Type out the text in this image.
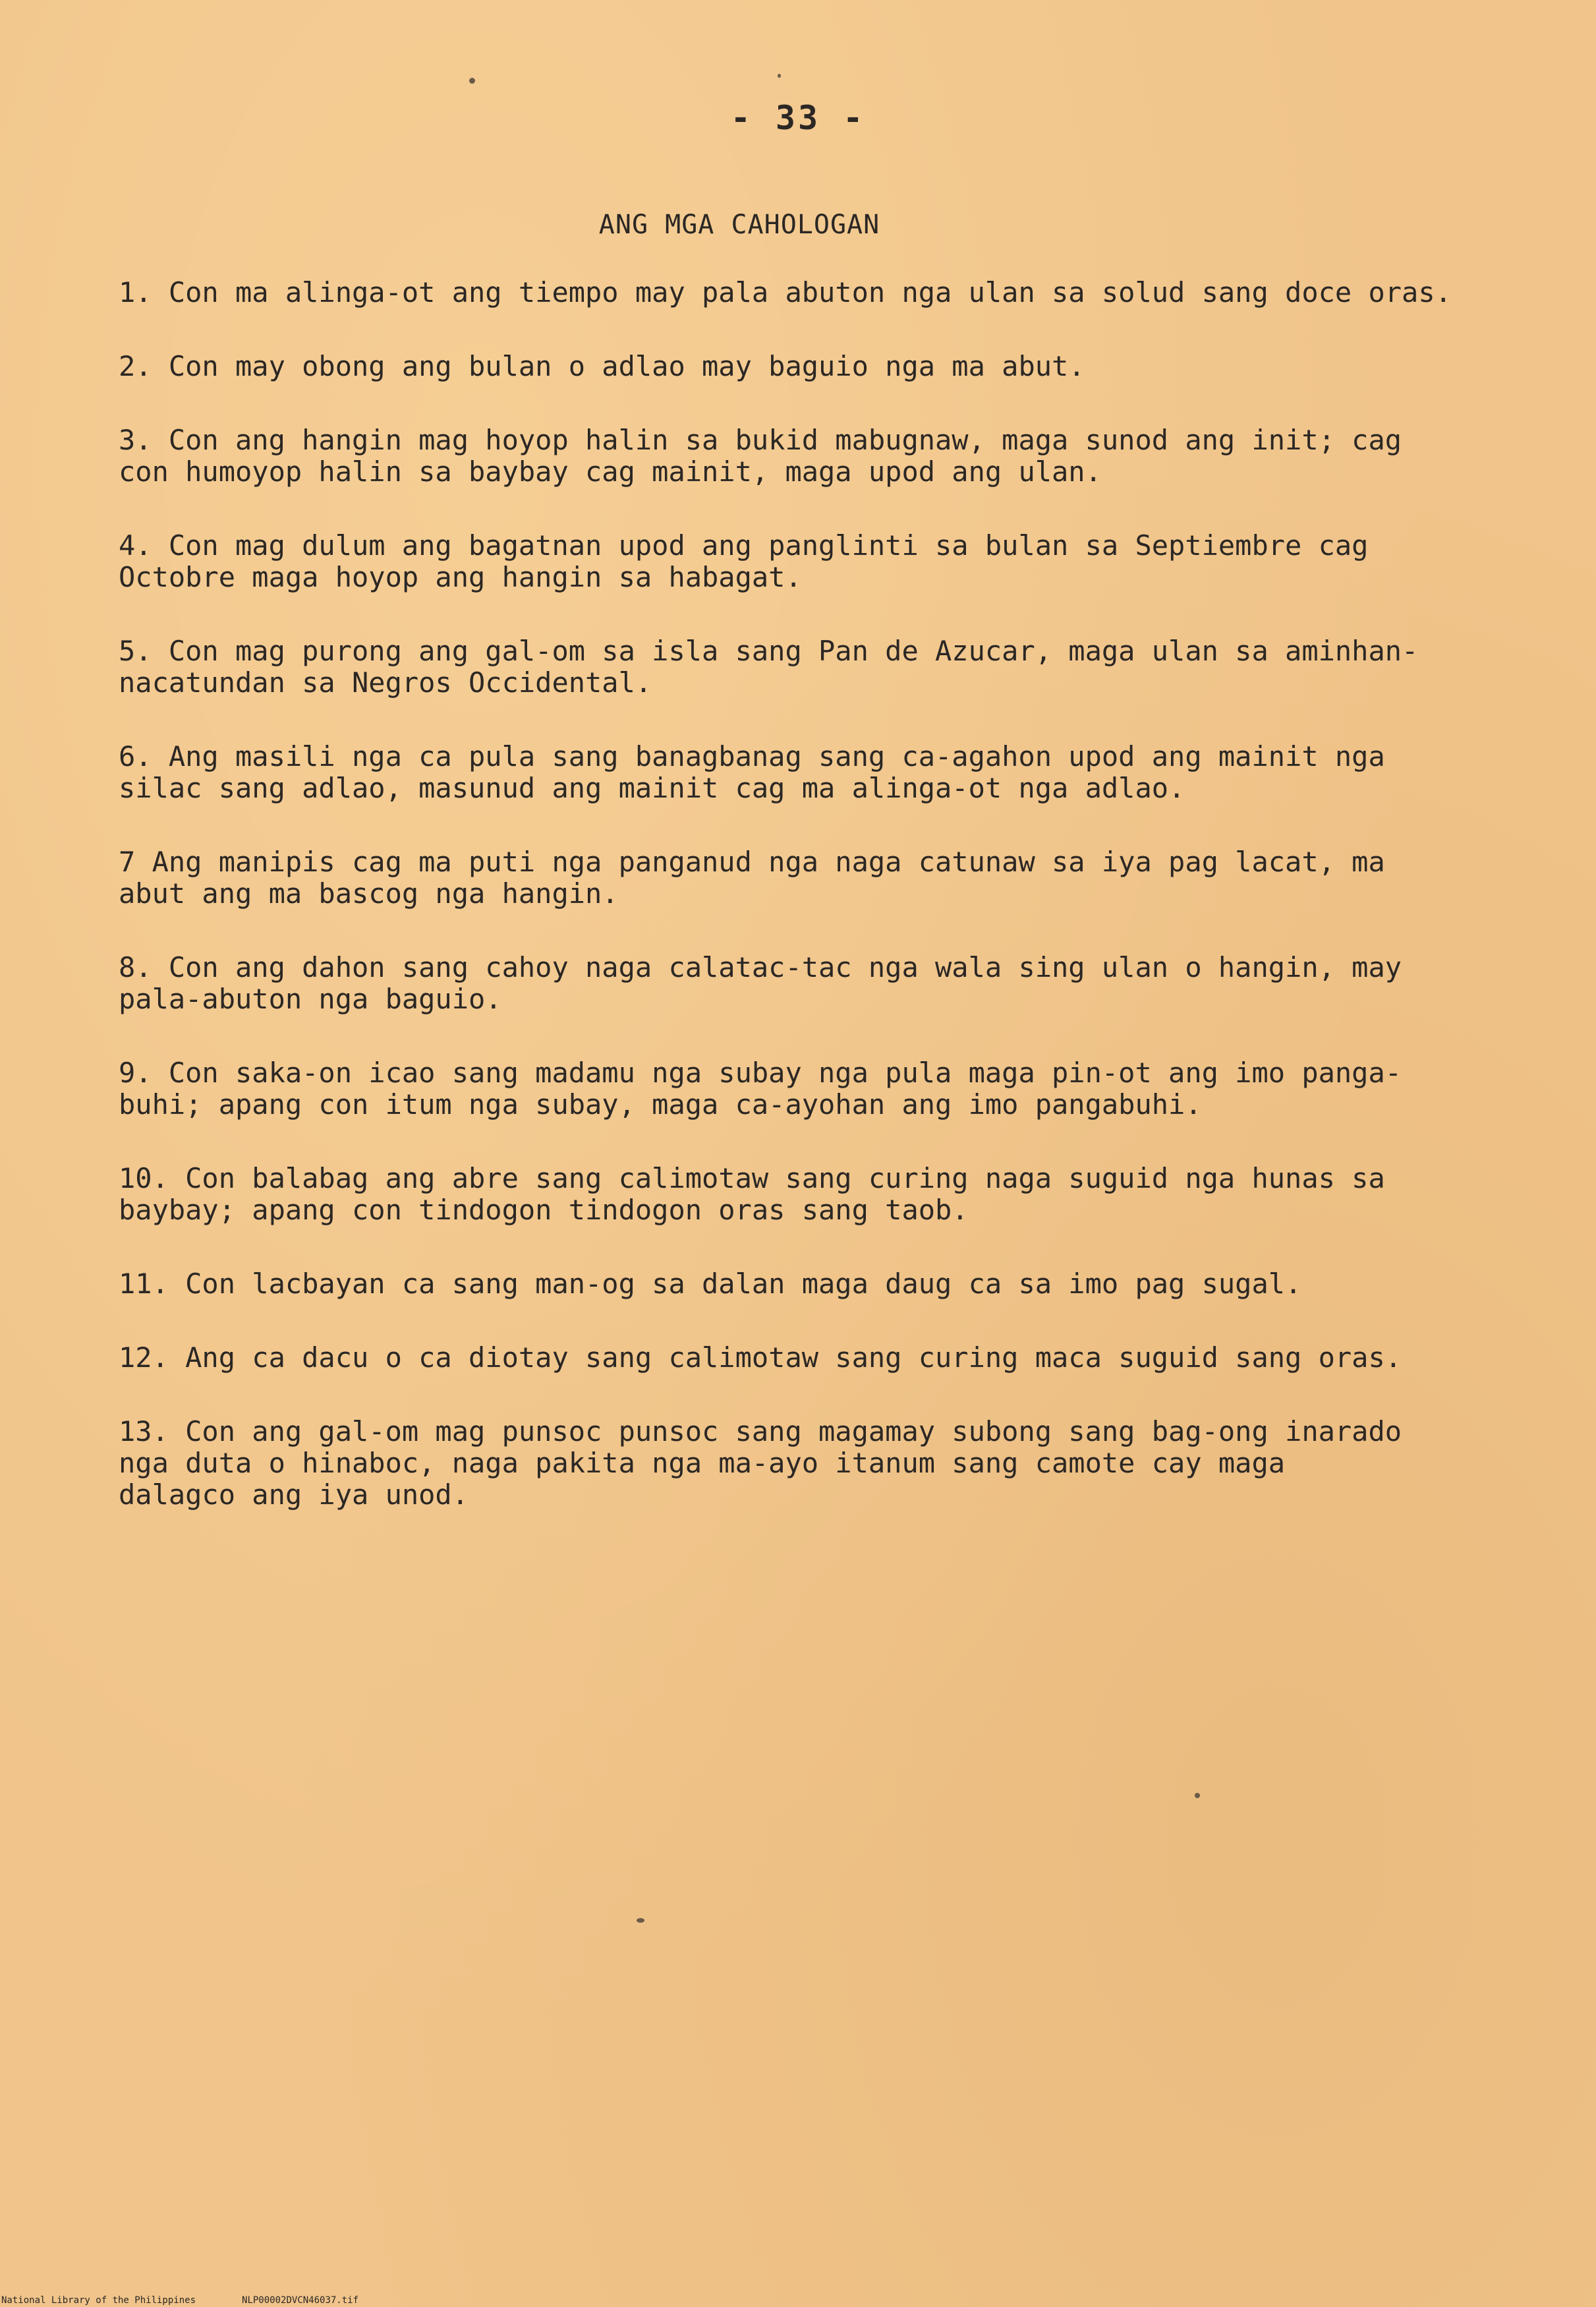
- 33 -
ANG MGA CAHOLOGAN
1. Con ma alinga-ot ang tiempo may pala abuton nga ulan sa solud sang doce oras.
2. Con may obong ang bulan o adlao may baguio nga ma abut.
3. Con ang hangin mag hoyop halin sa bukid mabugnaw, maga sunod ang init; cag
con humoyop halin sa baybay cag mainit, maga upod ang ulan.
4. Con mag dulum ang bagatnan upod ang panglinti sa bulan sa Septiembre cag
Octobre maga hoyop ang hangin sa habagat.
5. Con mag purong ang gal-om sa isla sang Pan de Azucar, maga ulan sa aminhan-
nacatundan sa Negros Occidental.
6. Ang masili nga ca pula sang banagbanag sang ca-agahon upod ang mainit nga
silac sang adlao, masunud ang mainit cag ma alinga-ot nga adlao.
7 Ang manipis cag ma puti nga panganud nga naga catunaw sa iya pag lacat, ma
abut ang ma bascog nga hangin.
8. Con ang dahon sang cahoy naga calatac-tac nga wala sing ulan o hangin, may
pala-abuton nga baguio.
9. Con saka-on icao sang madamu nga subay nga pula maga pin-ot ang imo panga-
buhi; apang con itum nga subay, maga ca-ayohan ang imo pangabuhi.
10. Con balabag ang abre sang calimotaw sang curing naga suguid nga hunas sa
baybay; apang con tindogon tindogon oras sang taob.
11. Con lacbayan ca sang man-og sa dalan maga daug ca sa imo pag sugal.
12. Ang ca dacu o ca diotay sang calimotaw sang curing maca suguid sang oras.
13. Con ang gal-om mag punsoc punsoc sang magamay subong sang bag-ong inarado
nga duta o hinaboc, naga pakita nga ma-ayo itanum sang camote cay maga
dalagco ang iya unod.
National Library of the Philippines	NLP00002DVCN46037.tif
